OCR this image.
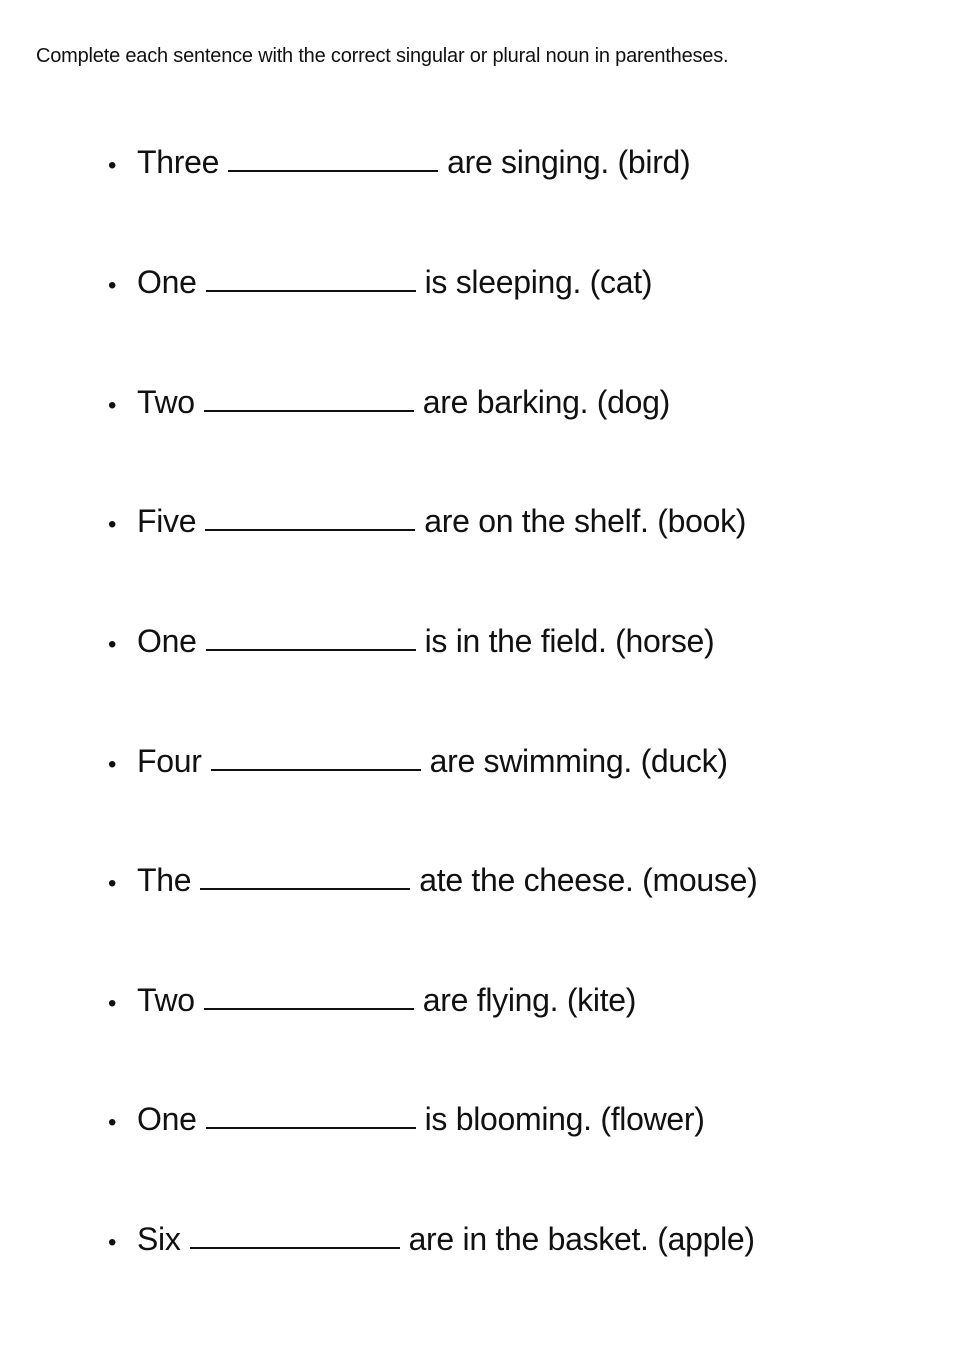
Complete each sentence with the correct singular or plural noun in parentheses.
• Three	are singing. (bird)
• One	is sleeping. (cat)
• Two	are barking. (dog)
• Five	are on the shelf. (book)
• One	is in the field. (horse)
• Four	are swimming. (duck)
• The	ate the cheese. (mouse)
• Two	are flying. (kite)
• One	is blooming. (flower)
• Six	are in the basket. (apple)
